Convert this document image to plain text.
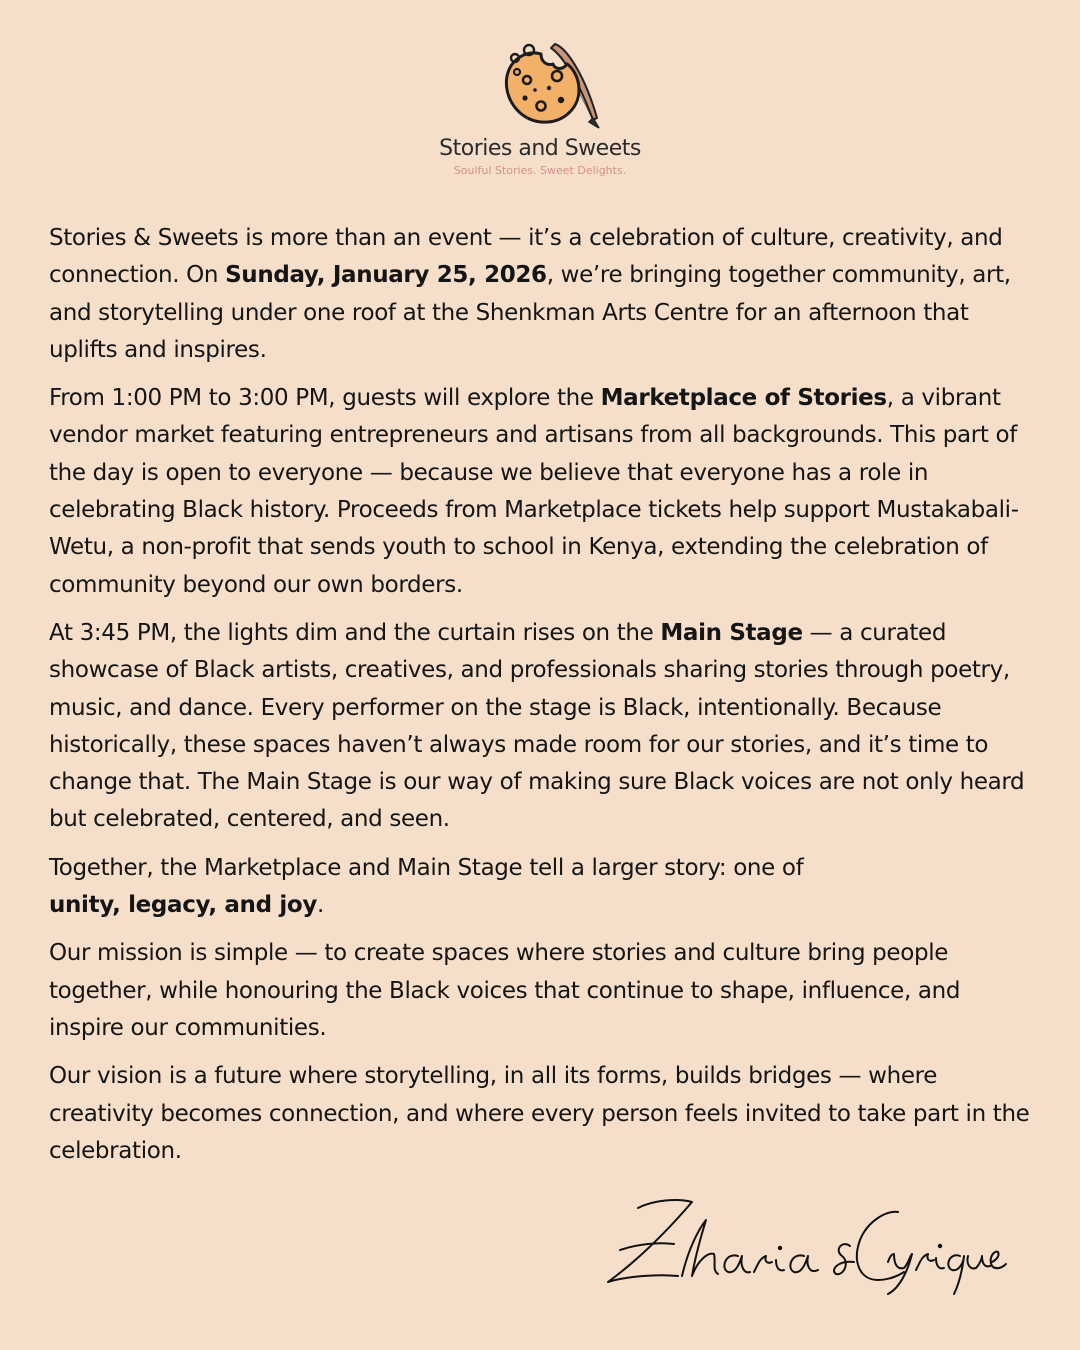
Stories and Sweets
Soulful Stories. Sweet Delights.

Stories & Sweets is more than an event — it’s a celebration of culture, creativity, and connection. On Sunday, January 25, 2026, we’re bringing together community, art, and storytelling under one roof at the Shenkman Arts Centre for an afternoon that uplifts and inspires.

From 1:00 PM to 3:00 PM, guests will explore the Marketplace of Stories, a vibrant vendor market featuring entrepreneurs and artisans from all backgrounds. This part of the day is open to everyone — because we believe that everyone has a role in celebrating Black history. Proceeds from Marketplace tickets help support Mustakabali-Wetu, a non-profit that sends youth to school in Kenya, extending the celebration of community beyond our own borders.

At 3:45 PM, the lights dim and the curtain rises on the Main Stage — a curated showcase of Black artists, creatives, and professionals sharing stories through poetry, music, and dance. Every performer on the stage is Black, intentionally. Because historically, these spaces haven’t always made room for our stories, and it’s time to change that. The Main Stage is our way of making sure Black voices are not only heard but celebrated, centered, and seen.

Together, the Marketplace and Main Stage tell a larger story: one of
unity, legacy, and joy.

Our mission is simple — to create spaces where stories and culture bring people together, while honouring the Black voices that continue to shape, influence, and inspire our communities.

Our vision is a future where storytelling, in all its forms, builds bridges — where creativity becomes connection, and where every person feels invited to take part in the celebration.
